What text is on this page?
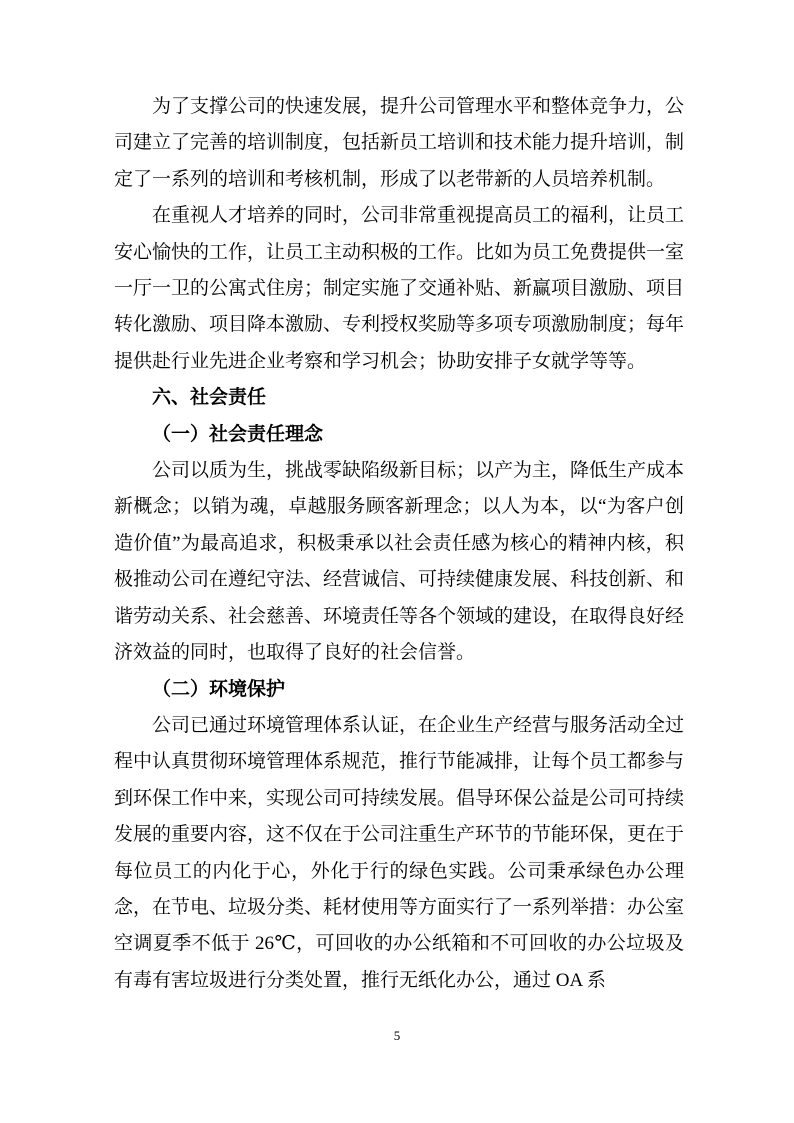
为了支撑公司的快速发展，提升公司管理水平和整体竞争力，公司建立了完善的培训制度，包括新员工培训和技术能力提升培训，制定了一系列的培训和考核机制，形成了以老带新的人员培养机制。

在重视人才培养的同时，公司非常重视提高员工的福利，让员工安心愉快的工作，让员工主动积极的工作。比如为员工免费提供一室一厅一卫的公寓式住房；制定实施了交通补贴、新赢项目激励、项目转化激励、项目降本激励、专利授权奖励等多项专项激励制度；每年提供赴行业先进企业考察和学习机会；协助安排子女就学等等。

六、社会责任
（一）社会责任理念

公司以质为生，挑战零缺陷级新目标；以产为主，降低生产成本新概念；以销为魂，卓越服务顾客新理念；以人为本，以“为客户创造价值”为最高追求，积极秉承以社会责任感为核心的精神内核，积极推动公司在遵纪守法、经营诚信、可持续健康发展、科技创新、和谐劳动关系、社会慈善、环境责任等各个领域的建设，在取得良好经济效益的同时，也取得了良好的社会信誉。

（二）环境保护

公司已通过环境管理体系认证，在企业生产经营与服务活动全过程中认真贯彻环境管理体系规范，推行节能减排，让每个员工都参与到环保工作中来，实现公司可持续发展。倡导环保公益是公司可持续发展的重要内容，这不仅在于公司注重生产环节的节能环保，更在于每位员工的内化于心，外化于行的绿色实践。公司秉承绿色办公理念，在节电、垃圾分类、耗材使用等方面实行了一系列举措：办公室空调夏季不低于 26℃，可回收的办公纸箱和不可回收的办公垃圾及有毒有害垃圾进行分类处置，推行无纸化办公，通过 OA 系

5
